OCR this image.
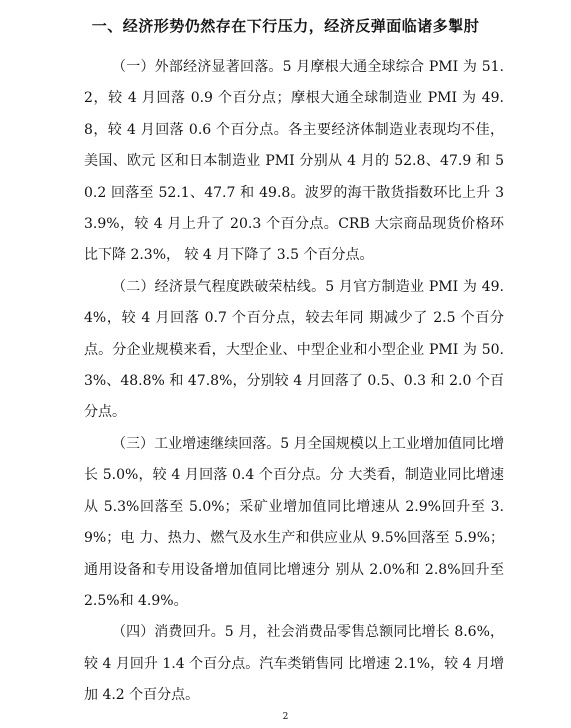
一、经济形势仍然存在下行压力，经济反弹面临诸多掣肘

（一）外部经济显著回落。5 月摩根大通全球综合 PMI 为 51.2，较 4 月回落 0.9 个百分点；摩根大通全球制造业 PMI 为 49.8，较 4 月回落 0.6 个百分点。各主要经济体制造业表现均不佳，美国、欧元 区和日本制造业 PMI 分别从 4 月的 52.8、47.9 和 50.2 回落至 52.1、47.7 和 49.8。波罗的海干散货指数环比上升 33.9%，较 4 月上升了 20.3 个百分点。CRB 大宗商品现货价格环比下降 2.3%， 较 4 月下降了 3.5 个百分点。

（二）经济景气程度跌破荣枯线。5 月官方制造业 PMI 为 49.4%，较 4 月回落 0.7 个百分点，较去年同 期减少了 2.5 个百分点。分企业规模来看，大型企业、中型企业和小型企业 PMI 为 50.3%、48.8% 和 47.8%，分别较 4 月回落了 0.5、0.3 和 2.0 个百分点。

（三）工业增速继续回落。5 月全国规模以上工业增加值同比增长 5.0%，较 4 月回落 0.4 个百分点。分 大类看，制造业同比增速从 5.3%回落至 5.0%；采矿业增加值同比增速从 2.9%回升至 3.9%；电 力、热力、燃气及水生产和供应业从 9.5%回落至 5.9%；通用设备和专用设备增加值同比增速分 别从 2.0%和 2.8%回升至 2.5%和 4.9%。

（四）消费回升。5 月，社会消费品零售总额同比增长 8.6%，较 4 月回升 1.4 个百分点。汽车类销售同 比增速 2.1%，较 4 月增加 4.2 个百分点。

2
